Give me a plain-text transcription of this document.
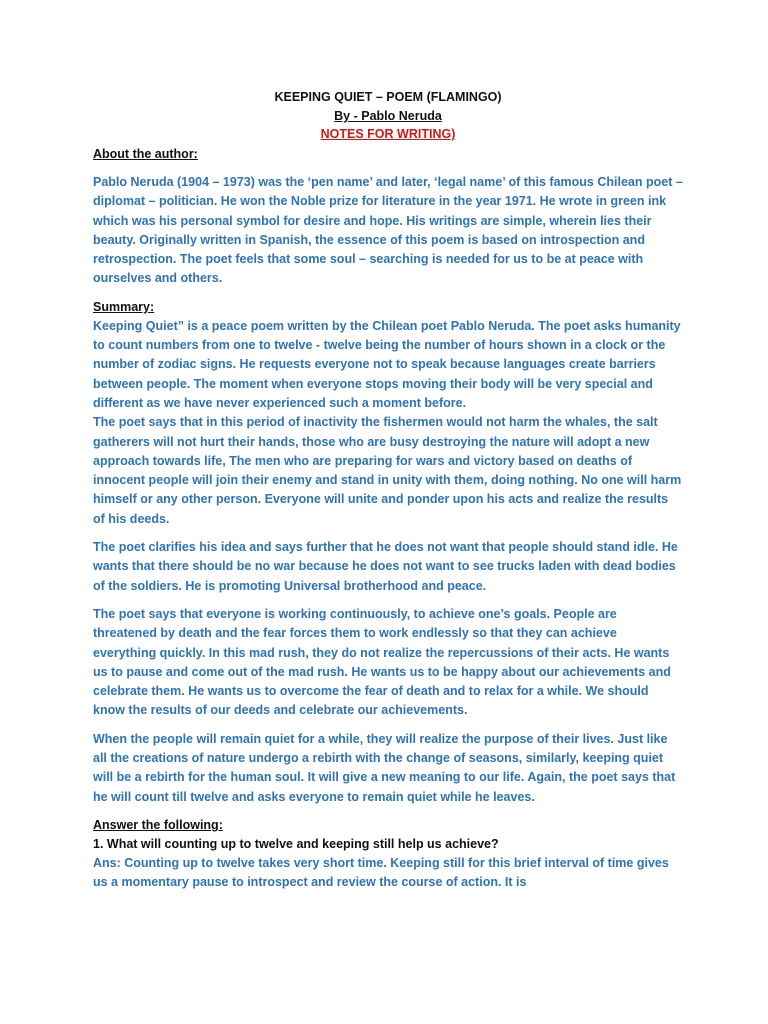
KEEPING QUIET – POEM (FLAMINGO)
By - Pablo Neruda
NOTES FOR WRITING)
About the author:

Pablo Neruda (1904 – 1973) was the ‘pen name’ and later, ‘legal name’ of this famous Chilean poet – diplomat – politician. He won the Noble prize for literature in the year 1971. He wrote in green ink which was his personal symbol for desire and hope. His writings are simple, wherein lies their beauty. Originally written in Spanish, the essence of this poem is based on introspection and retrospection. The poet feels that some soul – searching is needed for us to be at peace with ourselves and others.

Summary:

Keeping Quiet” is a peace poem written by the Chilean poet Pablo Neruda. The poet asks humanity to count numbers from one to twelve - twelve being the number of hours shown in a clock or the number of zodiac signs. He requests everyone not to speak because languages create barriers between people. The moment when everyone stops moving their body will be very special and different as we have never experienced such a moment before.

The poet says that in this period of inactivity the fishermen would not harm the whales, the salt gatherers will not hurt their hands, those who are busy destroying the nature will adopt a new approach towards life, The men who are preparing for wars and victory based on deaths of innocent people will join their enemy and stand in unity with them, doing nothing. No one will harm himself or any other person. Everyone will unite and ponder upon his acts and realize the results of his deeds.

The poet clarifies his idea and says further that he does not want that people should stand idle. He wants that there should be no war because he does not want to see trucks laden with dead bodies of the soldiers. He is promoting Universal brotherhood and peace.

The poet says that everyone is working continuously, to achieve one’s goals. People are threatened by death and the fear forces them to work endlessly so that they can achieve everything quickly. In this mad rush, they do not realize the repercussions of their acts. He wants us to pause and come out of the mad rush. He wants us to be happy about our achievements and celebrate them. He wants us to overcome the fear of death and to relax for a while. We should know the results of our deeds and celebrate our achievements.

When the people will remain quiet for a while, they will realize the purpose of their lives. Just like all the creations of nature undergo a rebirth with the change of seasons, similarly, keeping quiet will be a rebirth for the human soul. It will give a new meaning to our life. Again, the poet says that he will count till twelve and asks everyone to remain quiet while he leaves.

Answer the following:
1. What will counting up to twelve and keeping still help us achieve?

Ans: Counting up to twelve takes very short time. Keeping still for this brief interval of time gives us a momentary pause to introspect and review the course of action. It is
